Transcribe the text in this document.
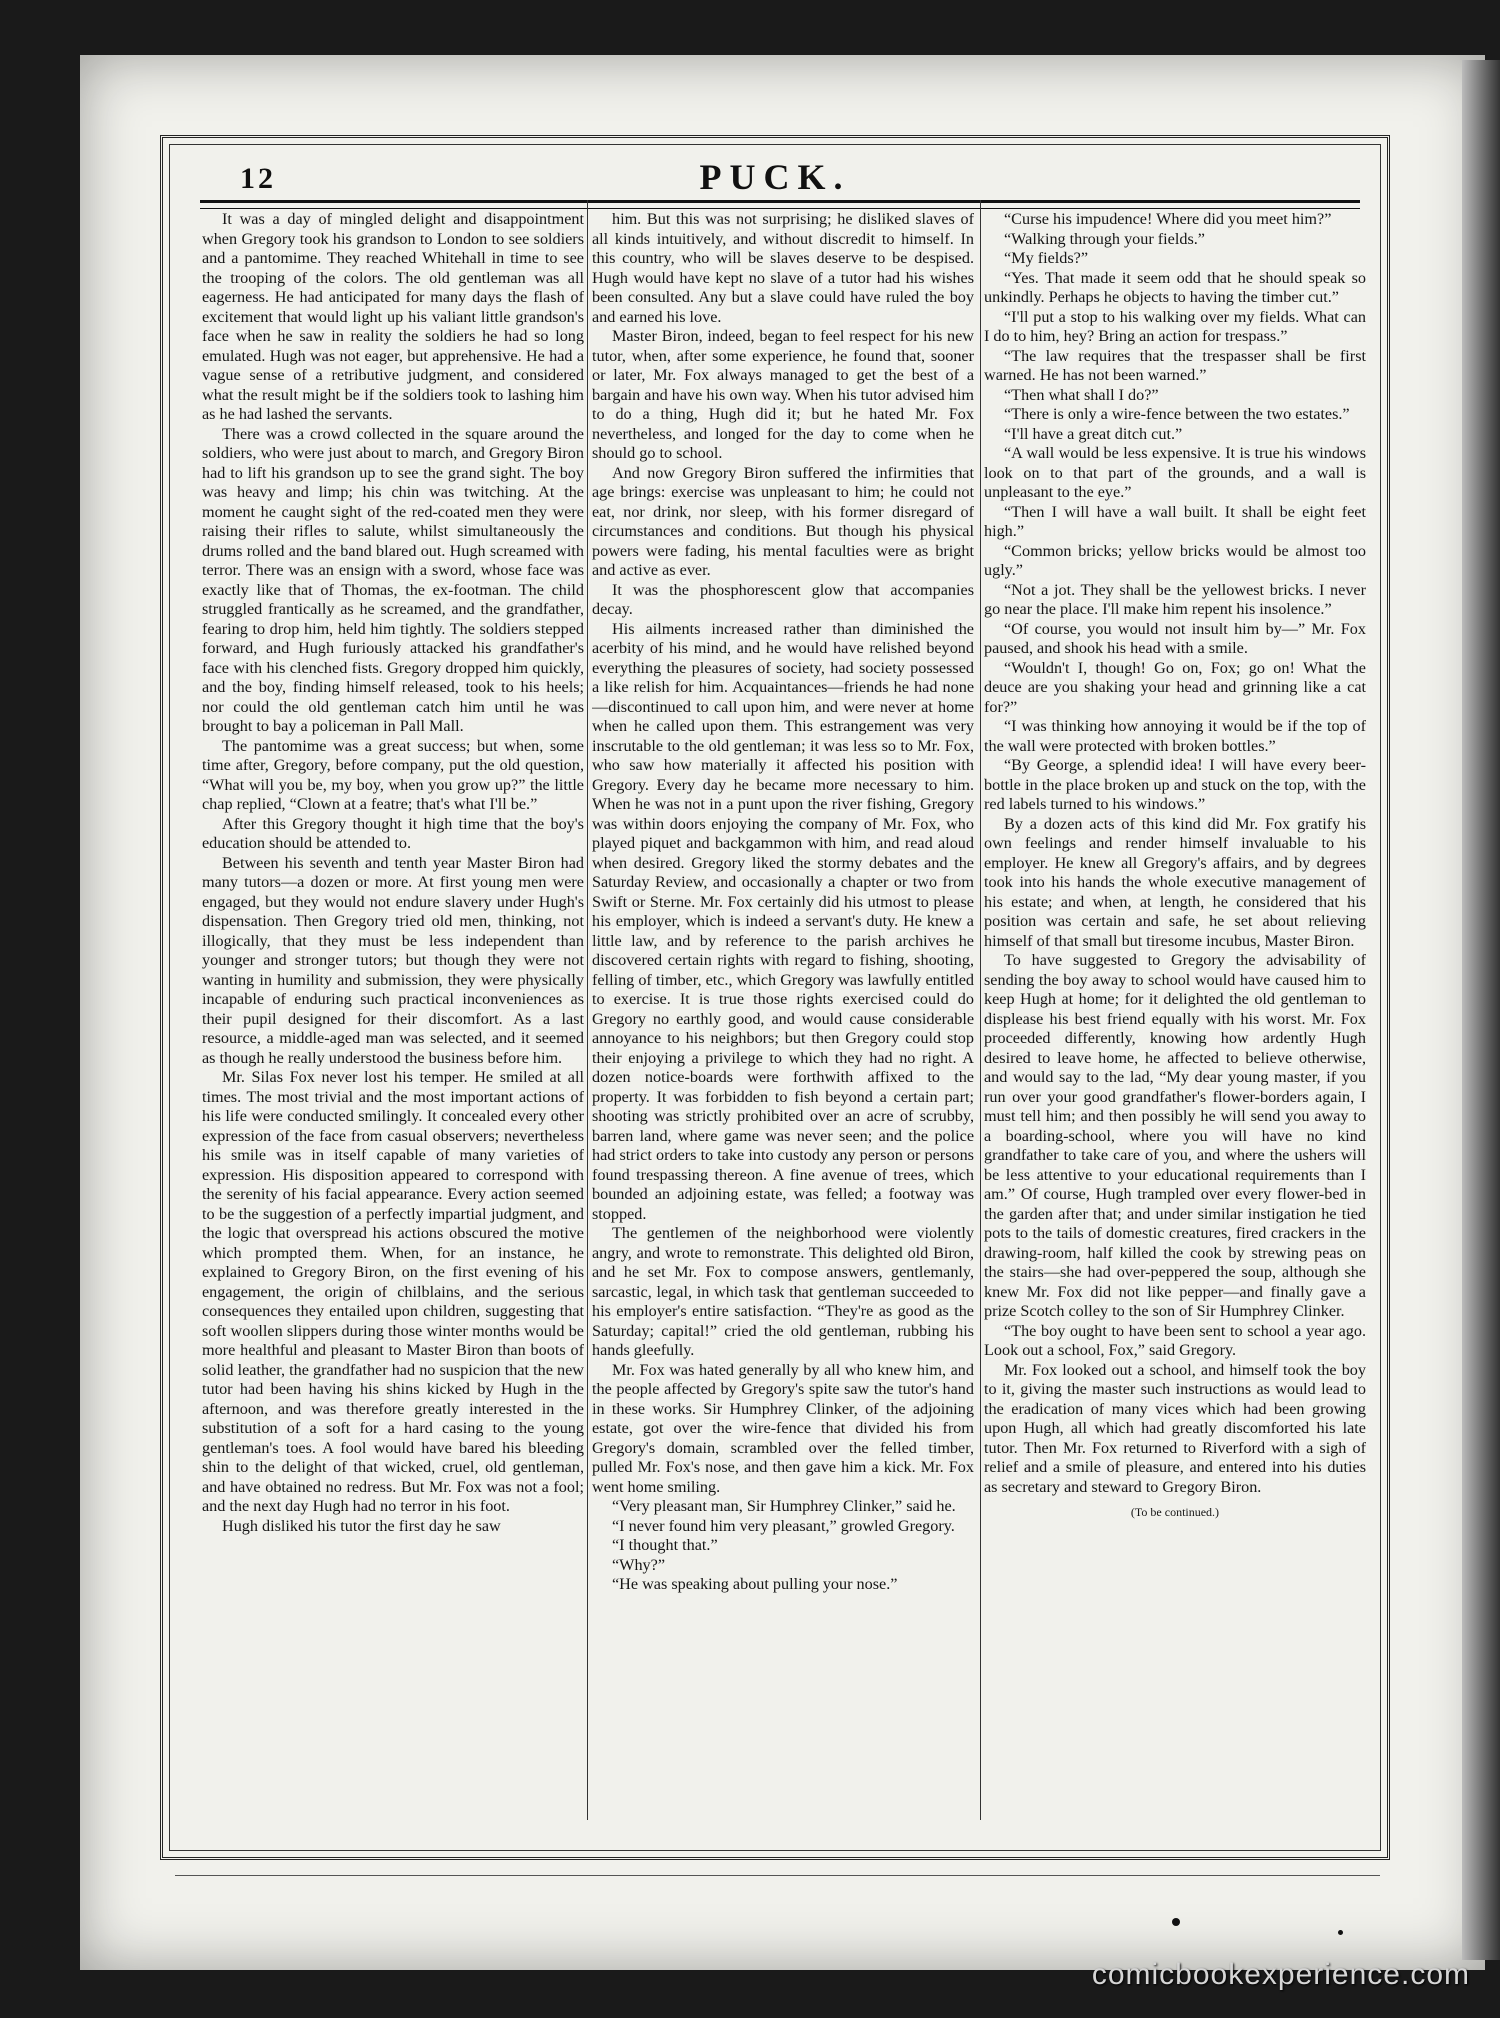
12	PUCK.

It was a day of mingled delight and disappointment when Gregory took his grandson to London to see soldiers and a pantomime. They reached Whitehall in time to see the trooping of the colors. The old gentleman was all eagerness. He had anticipated for many days the flash of excitement that would light up his valiant little grandson's face when he saw in reality the soldiers he had so long emulated. Hugh was not eager, but apprehensive. He had a vague sense of a retributive judgment, and considered what the result might be if the soldiers took to lashing him as he had lashed the servants.

There was a crowd collected in the square around the soldiers, who were just about to march, and Gregory Biron had to lift his grandson up to see the grand sight. The boy was heavy and limp; his chin was twitching. At the moment he caught sight of the red-coated men they were raising their rifles to salute, whilst simultaneously the drums rolled and the band blared out. Hugh screamed with terror. There was an ensign with a sword, whose face was exactly like that of Thomas, the ex-footman. The child struggled frantically as he screamed, and the grandfather, fearing to drop him, held him tightly. The soldiers stepped forward, and Hugh furiously attacked his grandfather's face with his clenched fists. Gregory dropped him quickly, and the boy, finding himself released, took to his heels; nor could the old gentleman catch him until he was brought to bay a policeman in Pall Mall.

The pantomime was a great success; but when, some time after, Gregory, before company, put the old question, “What will you be, my boy, when you grow up?” the little chap replied, “Clown at a featre; that's what I'll be.”

After this Gregory thought it high time that the boy's education should be attended to.

Between his seventh and tenth year Master Biron had many tutors—a dozen or more. At first young men were engaged, but they would not endure slavery under Hugh's dispensation. Then Gregory tried old men, thinking, not illogically, that they must be less independent than younger and stronger tutors; but though they were not wanting in humility and submission, they were physically incapable of enduring such practical inconveniences as their pupil designed for their discomfort. As a last resource, a middle-aged man was selected, and it seemed as though he really understood the business before him.

Mr. Silas Fox never lost his temper. He smiled at all times. The most trivial and the most important actions of his life were conducted smilingly. It concealed every other expression of the face from casual observers; nevertheless his smile was in itself capable of many varieties of expression. His disposition appeared to correspond with the serenity of his facial appearance. Every action seemed to be the suggestion of a perfectly impartial judgment, and the logic that overspread his actions obscured the motive which prompted them. When, for an instance, he explained to Gregory Biron, on the first evening of his engagement, the origin of chilblains, and the serious consequences they entailed upon children, suggesting that soft woollen slippers during those winter months would be more healthful and pleasant to Master Biron than boots of solid leather, the grandfather had no suspicion that the new tutor had been having his shins kicked by Hugh in the afternoon, and was therefore greatly interested in the substitution of a soft for a hard casing to the young gentleman's toes. A fool would have bared his bleeding shin to the delight of that wicked, cruel, old gentleman, and have obtained no redress. But Mr. Fox was not a fool; and the next day Hugh had no terror in his foot.

Hugh disliked his tutor the first day he saw

him. But this was not surprising; he disliked slaves of all kinds intuitively, and without discredit to himself. In this country, who will be slaves deserve to be despised. Hugh would have kept no slave of a tutor had his wishes been consulted. Any but a slave could have ruled the boy and earned his love.

Master Biron, indeed, began to feel respect for his new tutor, when, after some experience, he found that, sooner or later, Mr. Fox always managed to get the best of a bargain and have his own way. When his tutor advised him to do a thing, Hugh did it; but he hated Mr. Fox nevertheless, and longed for the day to come when he should go to school.

And now Gregory Biron suffered the infirmities that age brings: exercise was unpleasant to him; he could not eat, nor drink, nor sleep, with his former disregard of circumstances and conditions. But though his physical powers were fading, his mental faculties were as bright and active as ever.

It was the phosphorescent glow that accompanies decay.

His ailments increased rather than diminished the acerbity of his mind, and he would have relished beyond everything the pleasures of society, had society possessed a like relish for him. Acquaintances—friends he had none—discontinued to call upon him, and were never at home when he called upon them. This estrangement was very inscrutable to the old gentleman; it was less so to Mr. Fox, who saw how materially it affected his position with Gregory. Every day he became more necessary to him. When he was not in a punt upon the river fishing, Gregory was within doors enjoying the company of Mr. Fox, who played piquet and backgammon with him, and read aloud when desired. Gregory liked the stormy debates and the Saturday Review, and occasionally a chapter or two from Swift or Sterne. Mr. Fox certainly did his utmost to please his employer, which is indeed a servant's duty. He knew a little law, and by reference to the parish archives he discovered certain rights with regard to fishing, shooting, felling of timber, etc., which Gregory was lawfully entitled to exercise. It is true those rights exercised could do Gregory no earthly good, and would cause considerable annoyance to his neighbors; but then Gregory could stop their enjoying a privilege to which they had no right. A dozen notice-boards were forthwith affixed to the property. It was forbidden to fish beyond a certain part; shooting was strictly prohibited over an acre of scrubby, barren land, where game was never seen; and the police had strict orders to take into custody any person or persons found trespassing thereon. A fine avenue of trees, which bounded an adjoining estate, was felled; a footway was stopped.

The gentlemen of the neighborhood were violently angry, and wrote to remonstrate. This delighted old Biron, and he set Mr. Fox to compose answers, gentlemanly, sarcastic, legal, in which task that gentleman succeeded to his employer's entire satisfaction. “They're as good as the Saturday; capital!” cried the old gentleman, rubbing his hands gleefully.

Mr. Fox was hated generally by all who knew him, and the people affected by Gregory's spite saw the tutor's hand in these works. Sir Humphrey Clinker, of the adjoining estate, got over the wire-fence that divided his from Gregory's domain, scrambled over the felled timber, pulled Mr. Fox's nose, and then gave him a kick. Mr. Fox went home smiling.

“Very pleasant man, Sir Humphrey Clinker,” said he.

“I never found him very pleasant,” growled Gregory.

“I thought that.”

“Why?”

“He was speaking about pulling your nose.”

“Curse his impudence! Where did you meet him?”

“Walking through your fields.”

“My fields?”

“Yes. That made it seem odd that he should speak so unkindly. Perhaps he objects to having the timber cut.”

“I'll put a stop to his walking over my fields. What can I do to him, hey? Bring an action for trespass.”

“The law requires that the trespasser shall be first warned. He has not been warned.”

“Then what shall I do?”

“There is only a wire-fence between the two estates.”

“I'll have a great ditch cut.”

“A wall would be less expensive. It is true his windows look on to that part of the grounds, and a wall is unpleasant to the eye.”

“Then I will have a wall built. It shall be eight feet high.”

“Common bricks; yellow bricks would be almost too ugly.”

“Not a jot. They shall be the yellowest bricks. I never go near the place. I'll make him repent his insolence.”

“Of course, you would not insult him by—” Mr. Fox paused, and shook his head with a smile.

“Wouldn't I, though! Go on, Fox; go on! What the deuce are you shaking your head and grinning like a cat for?”

“I was thinking how annoying it would be if the top of the wall were protected with broken bottles.”

“By George, a splendid idea! I will have every beer-bottle in the place broken up and stuck on the top, with the red labels turned to his windows.”

By a dozen acts of this kind did Mr. Fox gratify his own feelings and render himself invaluable to his employer. He knew all Gregory's affairs, and by degrees took into his hands the whole executive management of his estate; and when, at length, he considered that his position was certain and safe, he set about relieving himself of that small but tiresome incubus, Master Biron.

To have suggested to Gregory the advisability of sending the boy away to school would have caused him to keep Hugh at home; for it delighted the old gentleman to displease his best friend equally with his worst. Mr. Fox proceeded differently, knowing how ardently Hugh desired to leave home, he affected to believe otherwise, and would say to the lad, “My dear young master, if you run over your good grandfather's flower-borders again, I must tell him; and then possibly he will send you away to a boarding-school, where you will have no kind grandfather to take care of you, and where the ushers will be less attentive to your educational requirements than I am.” Of course, Hugh trampled over every flower-bed in the garden after that; and under similar instigation he tied pots to the tails of domestic creatures, fired crackers in the drawing-room, half killed the cook by strewing peas on the stairs—she had over-peppered the soup, although she knew Mr. Fox did not like pepper—and finally gave a prize Scotch colley to the son of Sir Humphrey Clinker.

“The boy ought to have been sent to school a year ago. Look out a school, Fox,” said Gregory.

Mr. Fox looked out a school, and himself took the boy to it, giving the master such instructions as would lead to the eradication of many vices which had been growing upon Hugh, all which had greatly discomforted his late tutor. Then Mr. Fox returned to Riverford with a sigh of relief and a smile of pleasure, and entered into his duties as secretary and steward to Gregory Biron.

(To be continued.)
comicbookexperience.com
